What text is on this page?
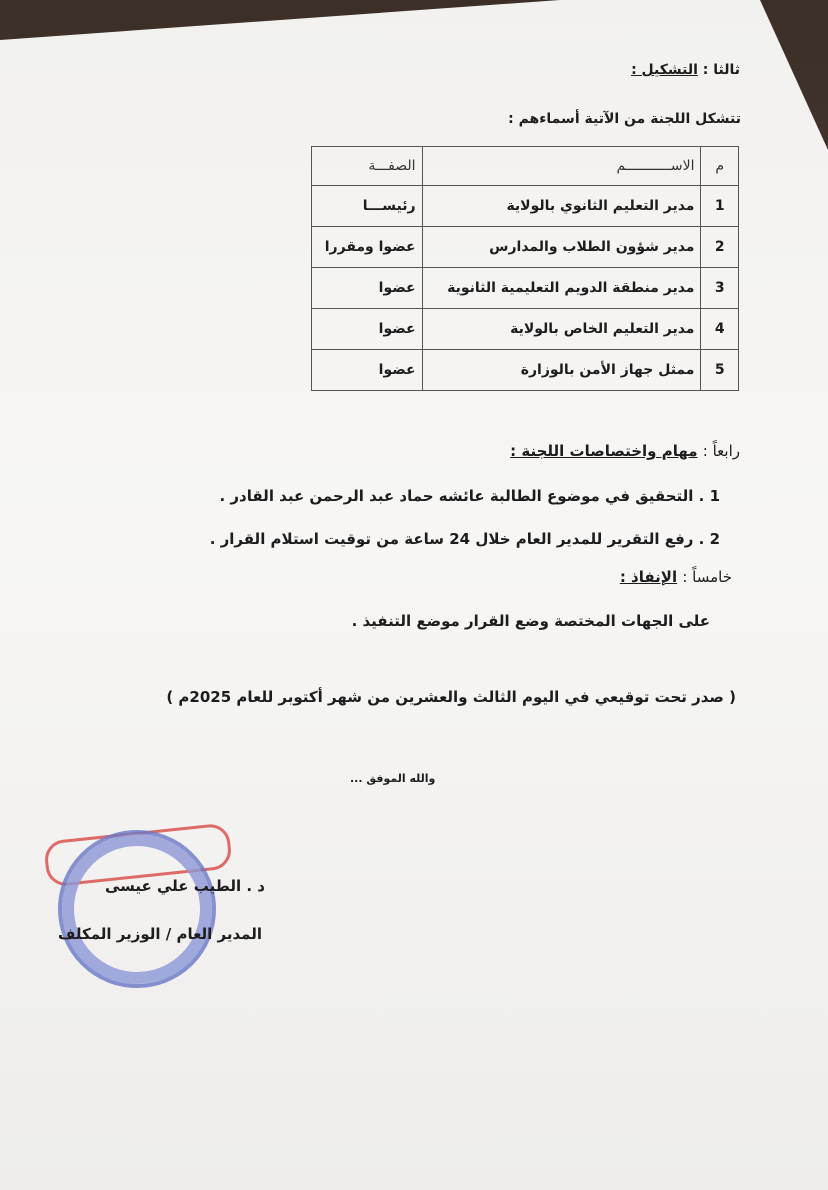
ثالثا : التشكيل :
تتشكل اللجنة من الآتية أسماءهم :
م	الاســـــــــــم	الصفـــة
1	مدير التعليم الثانوي بالولاية	رئيســـا
2	مدير شؤون الطلاب والمدارس	عضوا ومقررا
3	مدير منطقة الدويم التعليمية الثانوية	عضوا
4	مدير التعليم الخاص بالولاية	عضوا
5	ممثل جهاز الأمن بالوزارة	عضوا
رابعاً : مهام واختصاصات اللجنة :
1 . التحقيق في موضوع الطالبة عائشه حماد عبد الرحمن عبد القادر .
2 . رفع التقرير للمدير العام خلال 24 ساعة من توقيت استلام القرار .
خامساً : الإنفاذ :
على الجهات المختصة وضع القرار موضع التنفيذ .
( صدر تحت توقيعي في اليوم الثالث والعشرين من شهر أكتوبر للعام 2025م )
والله الموفق ...
د . الطيب علي عيسى
المدير العام / الوزير المكلف
